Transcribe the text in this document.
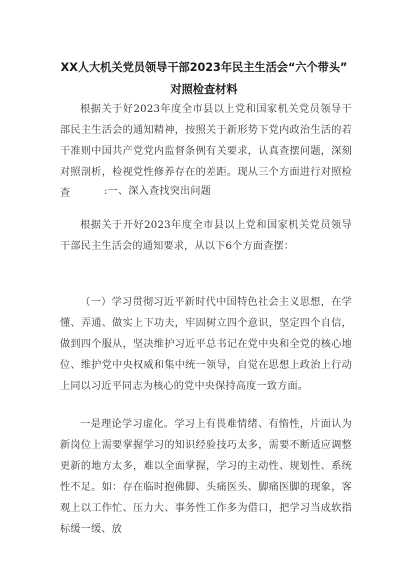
XX人大机关党员领导干部2023年民主生活会“六个带头”
对照检查材料

根据关于好2023年度全市县以上党和国家机关党员领导干部民主生活会的通知精神，按照关于新形势下党内政治生活的若干准则中国共产党党内监督条例有关要求，认真查摆问题，深刻对照剖析，检视党性修养存在的差距。现从三个方面进行对照检查	:一、深入查找突出问题

根据关于开好2023年度全市县以上党和国家机关党员领导干部民主生活会的通知要求，从以下6个方面查摆：

（一）学习贯彻习近平新时代中国特色社会主义思想，在学懂、弄通、做实上下功夫，牢固树立四个意识，坚定四个自信，做到四个服从，坚决维护习近平总书记在党中央和全党的核心地位、维护党中央权威和集中统一领导，自觉在思想上政治上行动上同以习近平同志为核心的党中央保持高度一致方面。

一是理论学习虚化。学习上有畏难情绪、有惰性，片面认为新岗位上需要掌握学习的知识经验技巧太多，需要不断适应调整更新的地方太多，难以全面掌握，学习的主动性、规划性、系统性不足。如：存在临时抱佛脚、头痛医头、脚痛医脚的现象，客观上以工作忙、压力大、事务性工作多为借口，把学习当成软指标缓一缓、放
